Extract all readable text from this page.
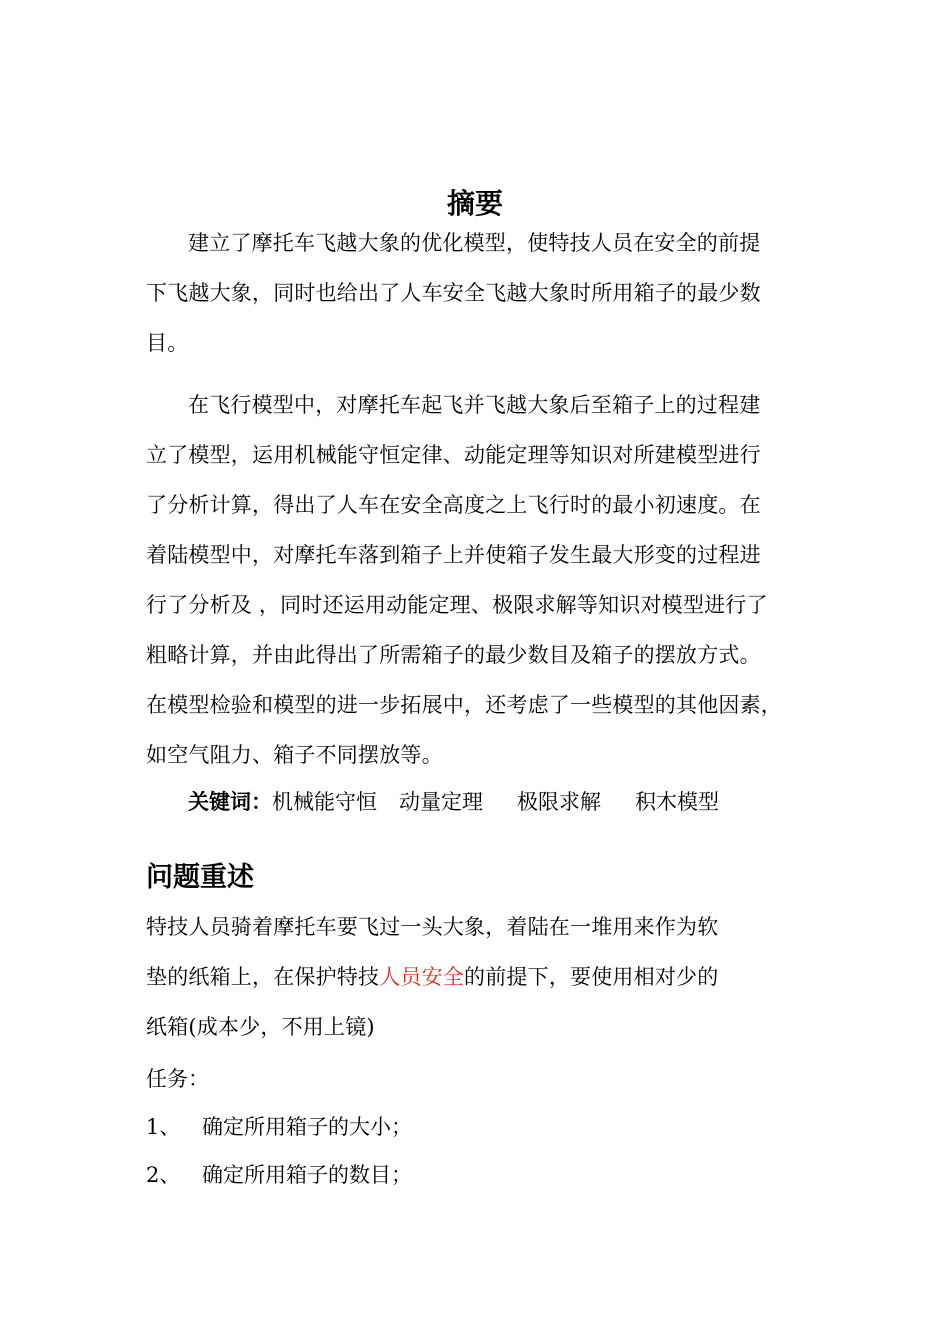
摘要
建立了摩托车飞越大象的优化模型，使特技人员在安全的前提
下飞越大象，同时也给出了人车安全飞越大象时所用箱子的最少数
目。
在飞行模型中，对摩托车起飞并飞越大象后至箱子上的过程建
立了模型，运用机械能守恒定律、动能定理等知识对所建模型进行
了分析计算，得出了人车在安全高度之上飞行时的最小初速度。在
着陆模型中，对摩托车落到箱子上并使箱子发生最大形变的过程进
行了分析及 ，同时还运用动能定理、极限求解等知识对模型进行了
粗略计算，并由此得出了所需箱子的最少数目及箱子的摆放方式。
在模型检验和模型的进一步拓展中，还考虑了一些模型的其他因素，
如空气阻力、箱子不同摆放等。
关键词：机械能守恒 动量定理 极限求解 积木模型
问题重述
特技人员骑着摩托车要飞过一头大象，着陆在一堆用来作为软
垫的纸箱上，在保护特技人员安全的前提下，要使用相对少的
纸箱(成本少，不用上镜)
任务：
1、 确定所用箱子的大小；
2、 确定所用箱子的数目；
